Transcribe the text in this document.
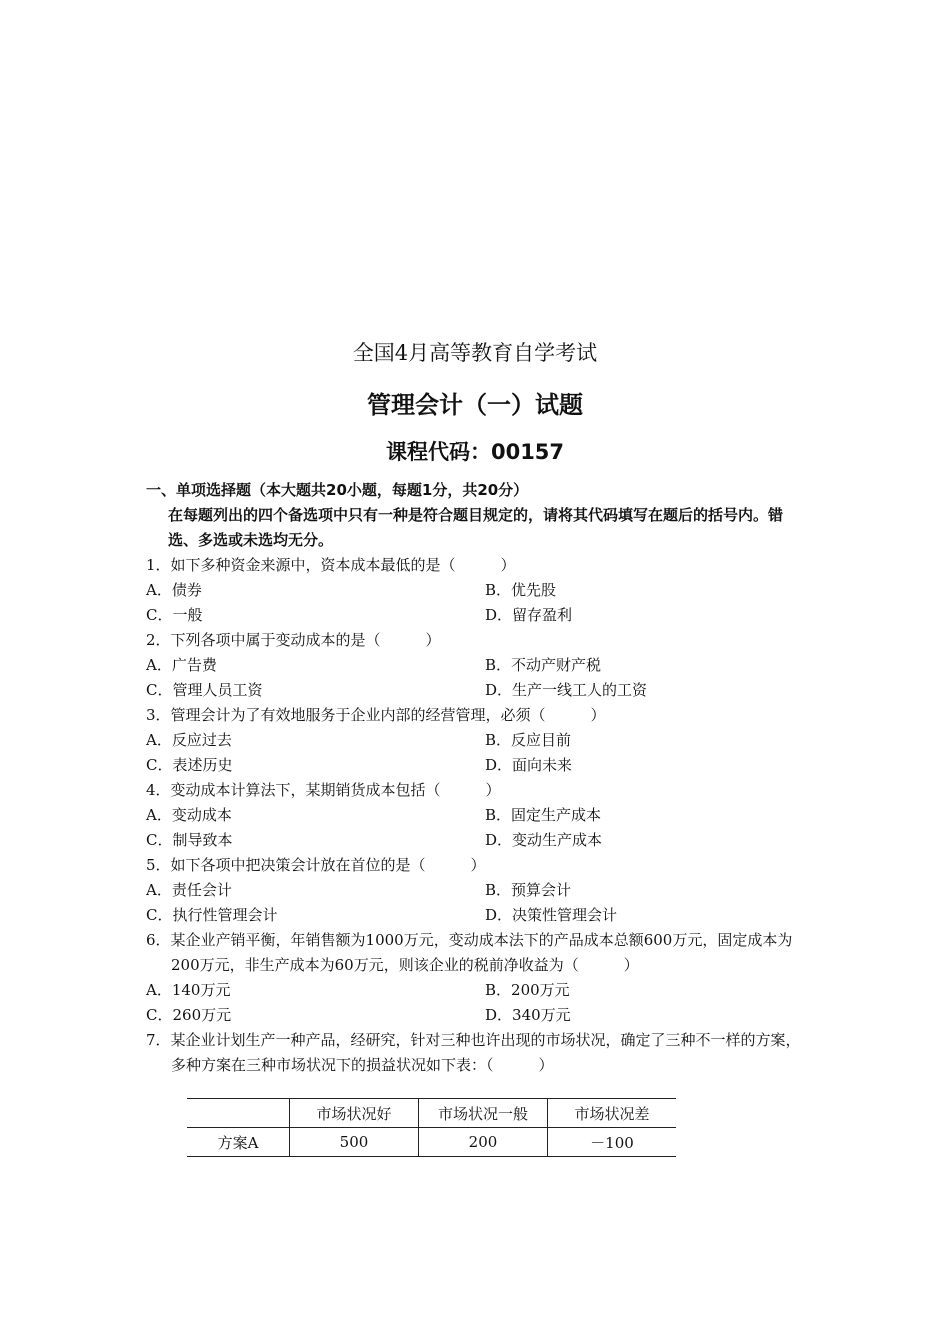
全国4月高等教育自学考试
管理会计（一）试题
课程代码：00157
一、单项选择题（本大题共20小题，每题1分，共20分）
在每题列出的四个备选项中只有一种是符合题目规定的，请将其代码填写在题后的括号内。错选、多选或未选均无分。
1．如下多种资金来源中，资本成本最低的是（　　　）
A．债券	B．优先股
C．一般	D．留存盈利
2．下列各项中属于变动成本的是（　　　）
A．广告费	B．不动产财产税
C．管理人员工资	D．生产一线工人的工资
3．管理会计为了有效地服务于企业内部的经营管理，必须（　　　）
A．反应过去	B．反应目前
C．表述历史	D．面向未来
4．变动成本计算法下，某期销货成本包括（　　　）
A．变动成本	B．固定生产成本
C．制导致本	D．变动生产成本
5．如下各项中把决策会计放在首位的是（　　　）
A．责任会计	B．预算会计
C．执行性管理会计	D．决策性管理会计
6．某企业产销平衡，年销售额为1000万元，变动成本法下的产品成本总额600万元，固定成本为200万元，非生产成本为60万元，则该企业的税前净收益为（　　　）
A．140万元	B．200万元
C．260万元	D．340万元
7．某企业计划生产一种产品，经研究，针对三种也许出现的市场状况，确定了三种不一样的方案，多种方案在三种市场状况下的损益状况如下表：（　　　）
	市场状况好	市场状况一般	市场状况差
方案A	500	200	－100
